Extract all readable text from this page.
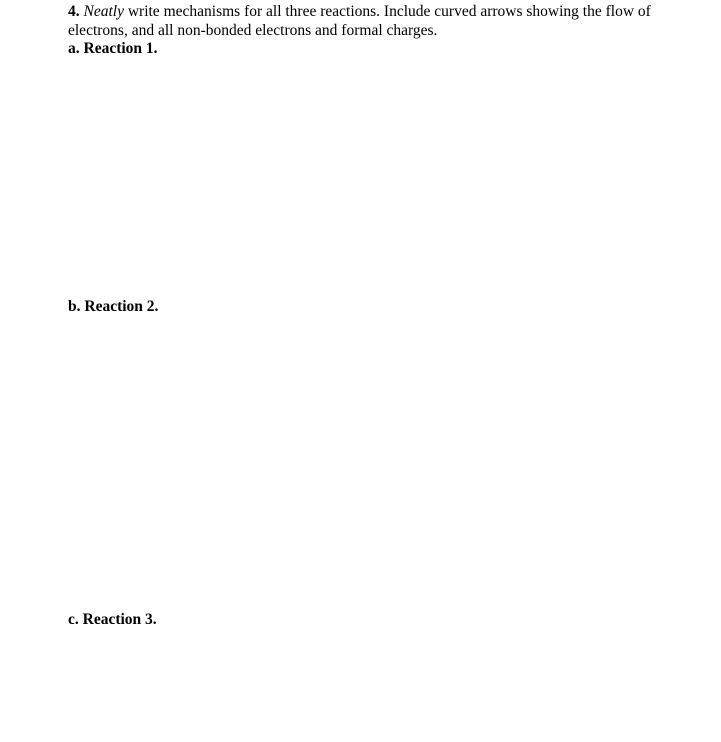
4. Neatly write mechanisms for all three reactions. Include curved arrows showing the flow of electrons, and all non-bonded electrons and formal charges.
a. Reaction 1.
b. Reaction 2.
c. Reaction 3.
